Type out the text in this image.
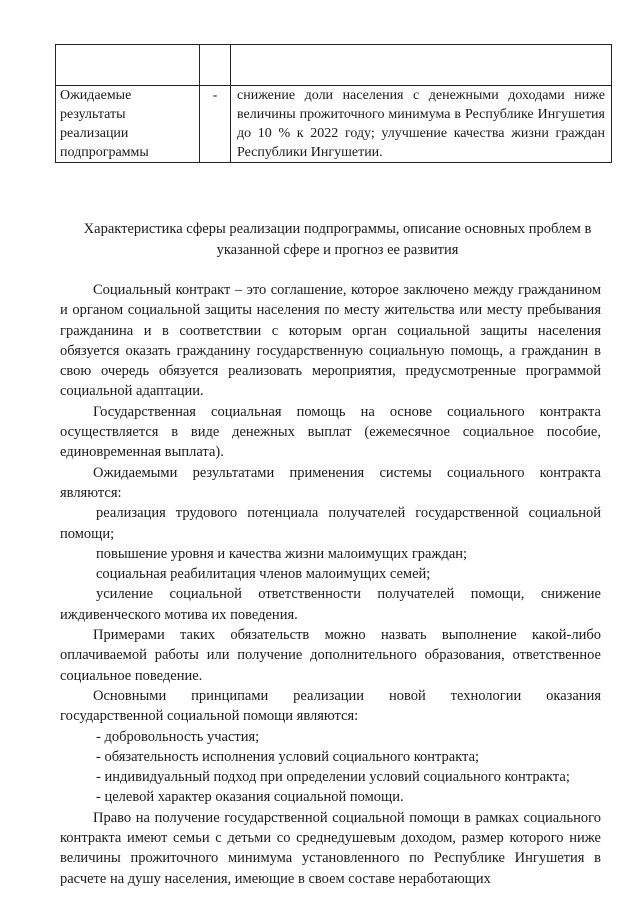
Ожидаемые результаты реализации подпрограммы	-	снижение доли населения с денежными доходами ниже величины прожиточного минимума в Республике Ингушетия до 10 % к 2022 году; улучшение качества жизни граждан Республики Ингушетии.
Характеристика сферы реализации подпрограммы, описание основных проблем в указанной сфере и прогноз ее развития

Социальный контракт – это соглашение, которое заключено между гражданином и органом социальной защиты населения по месту жительства или месту пребывания гражданина и в соответствии с которым орган социальной защиты населения обязуется оказать гражданину государственную социальную помощь, а гражданин в свою очередь обязуется реализовать мероприятия, предусмотренные программой социальной адаптации.

Государственная социальная помощь на основе социального контракта осуществляется в виде денежных выплат (ежемесячное социальное пособие, единовременная выплата).

Ожидаемыми результатами применения системы социального контракта являются:

реализация трудового потенциала получателей государственной социальной помощи;

повышение уровня и качества жизни малоимущих граждан;

социальная реабилитация членов малоимущих семей;

усиление социальной ответственности получателей помощи, снижение иждивенческого мотива их поведения.

Примерами таких обязательств можно назвать выполнение какой-либо оплачиваемой работы или получение дополнительного образования, ответственное социальное поведение.

Основными принципами реализации новой технологии оказания государственной социальной помощи являются:

- добровольность участия;

- обязательность исполнения условий социального контракта;

- индивидуальный подход при определении условий социального контракта;

- целевой характер оказания социальной помощи.

Право на получение государственной социальной помощи в рамках социального контракта имеют семьи с детьми со среднедушевым доходом, размер которого ниже величины прожиточного минимума установленного по Республике Ингушетия в расчете на душу населения, имеющие в своем составе неработающих
